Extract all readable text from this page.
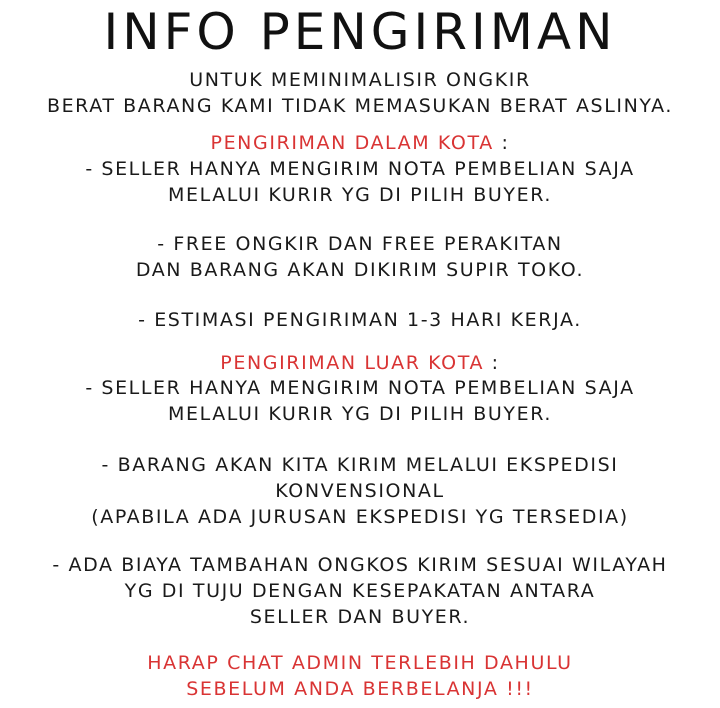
INFO PENGIRIMAN
UNTUK MEMINIMALISIR ONGKIR
BERAT BARANG KAMI TIDAK MEMASUKAN BERAT ASLINYA.
PENGIRIMAN DALAM KOTA :
- SELLER HANYA MENGIRIM NOTA PEMBELIAN SAJA
MELALUI KURIR YG DI PILIH BUYER.
- FREE ONGKIR DAN FREE PERAKITAN
DAN BARANG AKAN DIKIRIM SUPIR TOKO.
- ESTIMASI PENGIRIMAN 1-3 HARI KERJA.
PENGIRIMAN LUAR KOTA :
- SELLER HANYA MENGIRIM NOTA PEMBELIAN SAJA
MELALUI KURIR YG DI PILIH BUYER.
- BARANG AKAN KITA KIRIM MELALUI EKSPEDISI
KONVENSIONAL
(APABILA ADA JURUSAN EKSPEDISI YG TERSEDIA)
- ADA BIAYA TAMBAHAN ONGKOS KIRIM SESUAI WILAYAH
YG DI TUJU DENGAN KESEPAKATAN ANTARA
SELLER DAN BUYER.
HARAP CHAT ADMIN TERLEBIH DAHULU
SEBELUM ANDA BERBELANJA !!!
